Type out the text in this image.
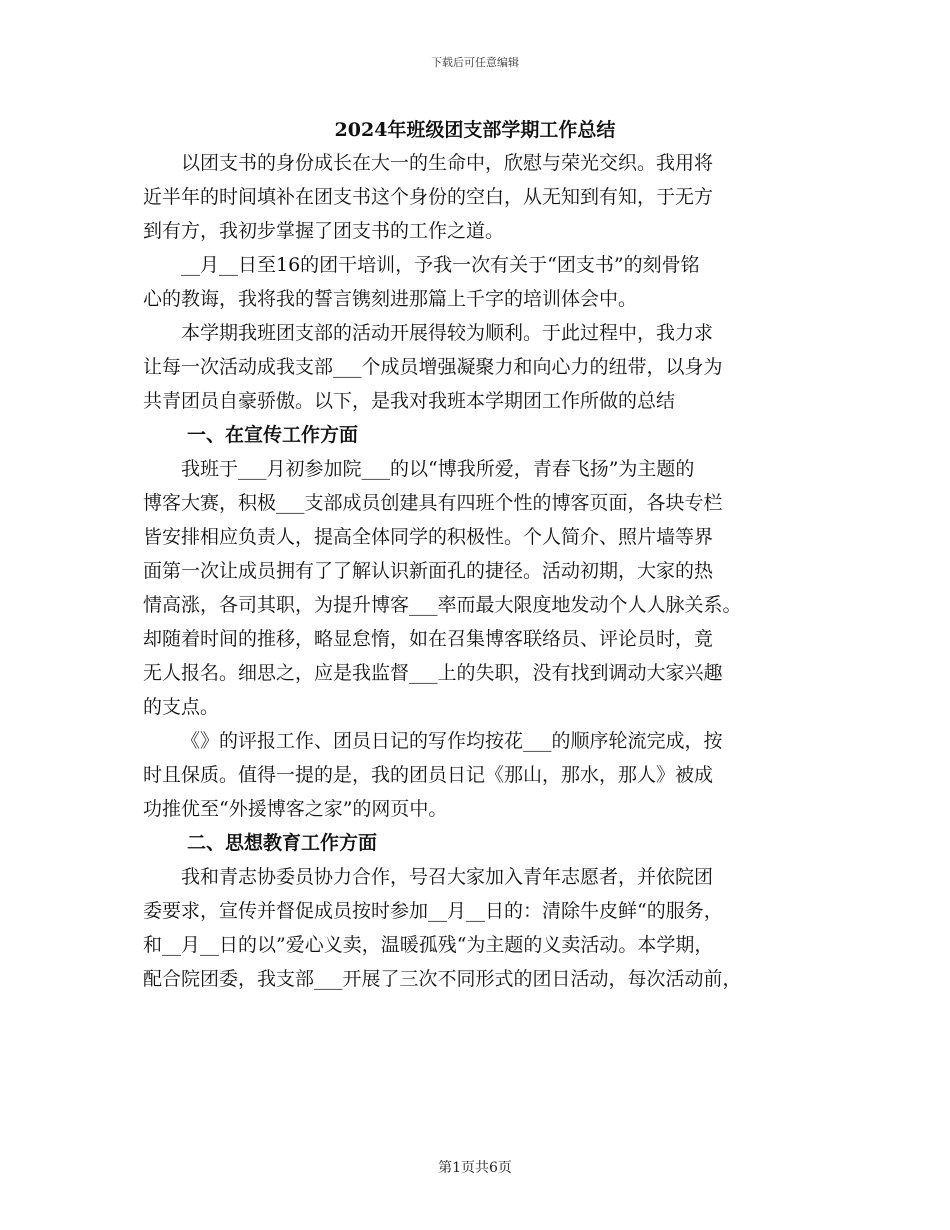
下载后可任意编辑
2024年班级团支部学期工作总结

以团支书的身份成长在大一的生命中，欣慰与荣光交织。我用将
近半年的时间填补在团支书这个身份的空白，从无知到有知，于无方
到有方，我初步掌握了团支书的工作之道。

__月__日至16的团干培训，予我一次有关于“团支书”的刻骨铭
心的教诲，我将我的誓言镌刻进那篇上千字的培训体会中。

本学期我班团支部的活动开展得较为顺利。于此过程中，我力求
让每一次活动成我支部___个成员增强凝聚力和向心力的纽带，以身为
共青团员自豪骄傲。以下，是我对我班本学期团工作所做的总结

一、在宣传工作方面

我班于___月初参加院___的以“博我所爱，青春飞扬”为主题的
博客大赛，积极___支部成员创建具有四班个性的博客页面，各块专栏
皆安排相应负责人，提高全体同学的积极性。个人简介、照片墙等界
面第一次让成员拥有了了解认识新面孔的捷径。活动初期，大家的热
情高涨，各司其职，为提升博客___率而最大限度地发动个人人脉关系。
却随着时间的推移，略显怠惰，如在召集博客联络员、评论员时，竟
无人报名。细思之，应是我监督___上的失职，没有找到调动大家兴趣
的支点。

《》的评报工作、团员日记的写作均按花___的顺序轮流完成，按
时且保质。值得一提的是，我的团员日记《那山，那水，那人》被成
功推优至“外援博客之家”的网页中。

二、思想教育工作方面

我和青志协委员协力合作，号召大家加入青年志愿者，并依院团
委要求，宣传并督促成员按时参加__月__日的：清除牛皮鲜“的服务，
和__月__日的以”爱心义卖，温暖孤残“为主题的义卖活动。本学期，
配合院团委，我支部___开展了三次不同形式的团日活动，每次活动前，

第1页共6页
